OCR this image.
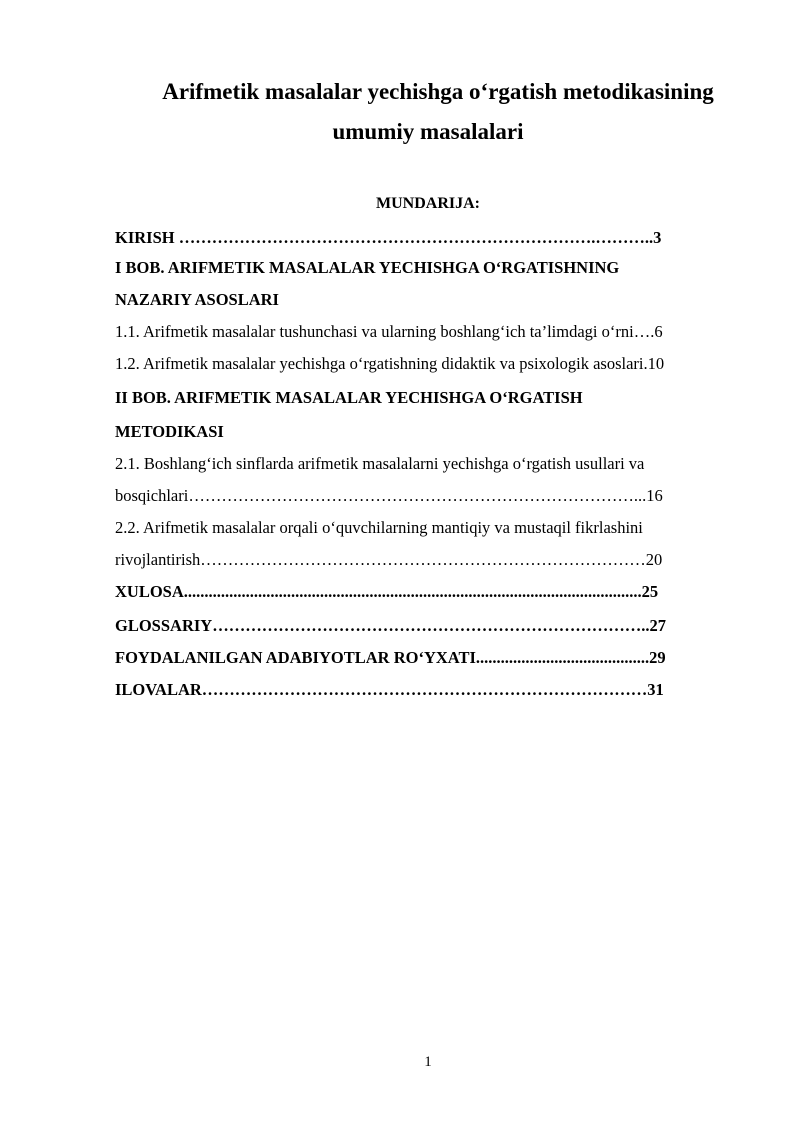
Arifmetik masalalar yechishga o‘rgatish metodikasining
umumiy masalalari
MUNDARIJA:
KIRISH ………………………………………………………………….………..3
I BOB. ARIFMETIK MASALALAR YECHISHGA O‘RGATISHNING
NAZARIY ASOSLARI
1.1. Arifmetik masalalar tushunchasi va ularning boshlang‘ich ta’limdagi o‘rni….6
1.2. Arifmetik masalalar yechishga o‘rgatishning didaktik va psixologik asoslari.10
II BOB. ARIFMETIK MASALALAR YECHISHGA O‘RGATISH
METODIKASI
2.1. Boshlang‘ich sinflarda arifmetik masalalarni yechishga o‘rgatish usullari va
bosqichlari………………………………………………………………………...16
2.2. Arifmetik masalalar orqali o‘quvchilarning mantiqiy va mustaqil fikrlashini
rivojlantirish………………………………………………………………………20
XULOSA...............................................................................................................25
GLOSSARIY……………………………………………………………………..27
FOYDALANILGAN ADABIYOTLAR RO‘YXATI..........................................29
ILOVALAR………………………………………………………………………31
1
